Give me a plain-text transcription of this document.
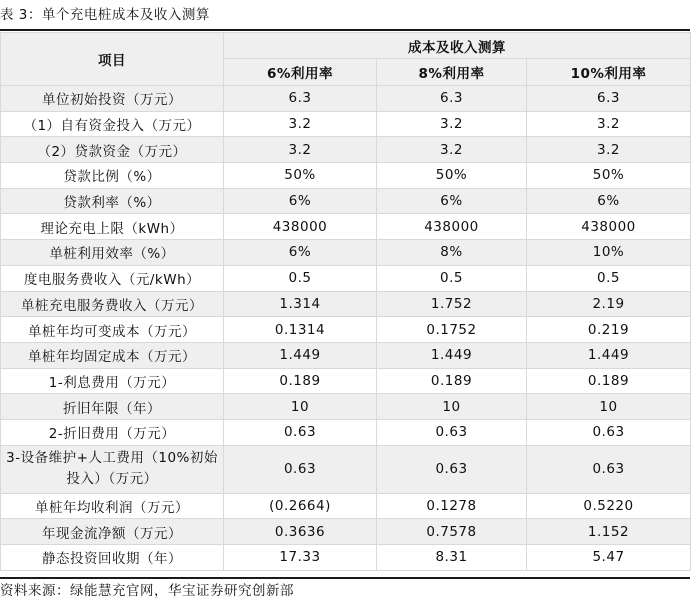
表 3：单个充电桩成本及收入测算
项目	成本及收入测算		
	6%利用率	8%利用率	10%利用率
单位初始投资（万元）	6.3	6.3	6.3
（1）自有资金投入（万元）	3.2	3.2	3.2
（2）贷款资金（万元）	3.2	3.2	3.2
贷款比例（%）	50%	50%	50%
贷款利率（%）	6%	6%	6%
理论充电上限（kWh）	438000	438000	438000
单桩利用效率（%）	6%	8%	10%
度电服务费收入（元/kWh）	0.5	0.5	0.5
单桩充电服务费收入（万元）	1.314	1.752	2.19
单桩年均可变成本（万元）	0.1314	0.1752	0.219
单桩年均固定成本（万元）	1.449	1.449	1.449
1-利息费用（万元）	0.189	0.189	0.189
折旧年限（年）	10	10	10
2-折旧费用（万元）	0.63	0.63	0.63
3-设备维护+人工费用（10%初始投入）（万元）	0.63	0.63	0.63
单桩年均收利润（万元）	(0.2664)	0.1278	0.5220
年现金流净额（万元）	0.3636	0.7578	1.152
静态投资回收期（年）	17.33	8.31	5.47
资料来源：绿能慧充官网，华宝证券研究创新部
